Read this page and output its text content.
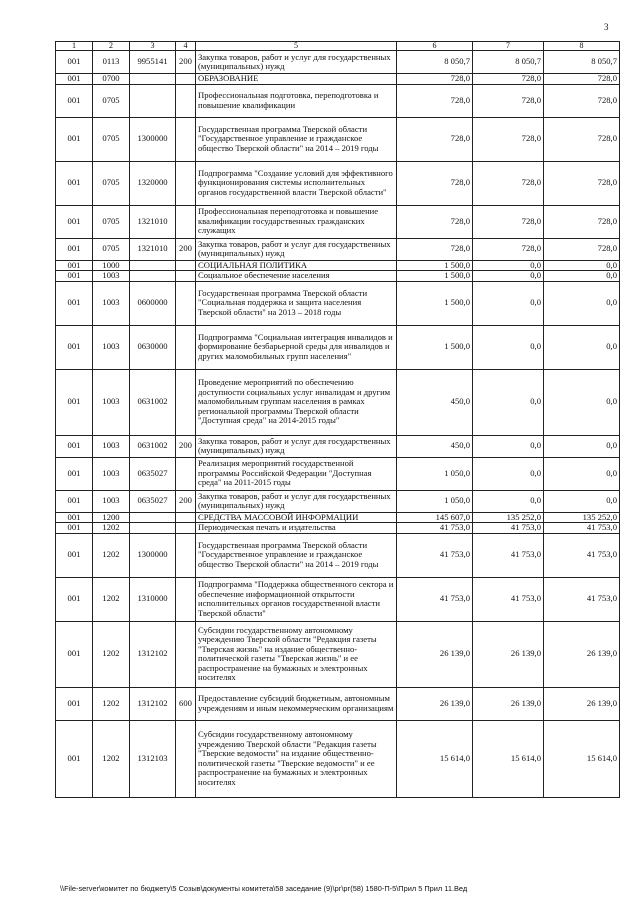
3
1	2	3	4	5	6	7	8
001	0113	9955141	200	Закупка товаров, работ и услуг для государственных (муниципальных) нужд	8 050,7	8 050,7	8 050,7
001	0700			ОБРАЗОВАНИЕ	728,0	728,0	728,0
001	0705			Профессиональная подготовка, переподготовка и повышение квалификации	728,0	728,0	728,0
001	0705	1300000		Государственная программа Тверской области "Государственное управление и гражданское общество Тверской области" на 2014 – 2019 годы	728,0	728,0	728,0
001	0705	1320000		Подпрограмма "Создание условий для эффективного функционирования системы исполнительных органов государственной власти Тверской области"	728,0	728,0	728,0
001	0705	1321010		Профессиональная переподготовка и повышение квалификации государственных гражданских служащих	728,0	728,0	728,0
001	0705	1321010	200	Закупка товаров, работ и услуг для государственных (муниципальных) нужд	728,0	728,0	728,0
001	1000			СОЦИАЛЬНАЯ ПОЛИТИКА	1 500,0	0,0	0,0
001	1003			Социальное обеспечение населения	1 500,0	0,0	0,0
001	1003	0600000		Государственная программа Тверской области "Социальная поддержка и защита населения Тверской области" на 2013 – 2018 годы	1 500,0	0,0	0,0
001	1003	0630000		Подпрограмма "Социальная интеграция инвалидов и формирование безбарьерной среды для инвалидов и других маломобильных групп населения"	1 500,0	0,0	0,0
001	1003	0631002		Проведение мероприятий по обеспечению доступности социальных услуг инвалидам и другим маломобильным группам населения в рамках региональной программы Тверской области "Доступная среда" на 2014-2015 годы"	450,0	0,0	0,0
001	1003	0631002	200	Закупка товаров, работ и услуг для государственных (муниципальных) нужд	450,0	0,0	0,0
001	1003	0635027		Реализация мероприятий государственной программы Российской Федерации "Доступная среда" на 2011-2015 годы	1 050,0	0,0	0,0
001	1003	0635027	200	Закупка товаров, работ и услуг для государственных (муниципальных) нужд	1 050,0	0,0	0,0
001	1200			СРЕДСТВА МАССОВОЙ ИНФОРМАЦИИ	145 607,0	135 252,0	135 252,0
001	1202			Периодическая печать и издательства	41 753,0	41 753,0	41 753,0
001	1202	1300000		Государственная программа Тверской области "Государственное управление и гражданское общество Тверской области" на 2014 – 2019 годы	41 753,0	41 753,0	41 753,0
001	1202	1310000		Подпрограмма "Поддержка общественного сектора и обеспечение информационной открытости исполнительных органов государственной власти Тверской области"	41 753,0	41 753,0	41 753,0
001	1202	1312102		Субсидии государственному автономному учреждению Тверской области "Редакция газеты "Тверская жизнь" на издание общественно-политической газеты "Тверская жизнь" и ее распространение на бумажных и электронных носителях	26 139,0	26 139,0	26 139,0
001	1202	1312102	600	Предоставление субсидий бюджетным, автономным учреждениям и иным некоммерческим организациям	26 139,0	26 139,0	26 139,0
001	1202	1312103		Субсидии государственному автономному учреждению Тверской области "Редакция газеты "Тверские ведомости" на издание общественно-политической газеты "Тверские ведомости" и ее распространение на бумажных и электронных носителях	15 614,0	15 614,0	15 614,0
\\File-server\комитет по бюджету\5 Созыв\документы комитета\58 заседание (9)\рг\рг(58) 1580-П-5\Прил 5 Прил 11.Вед
